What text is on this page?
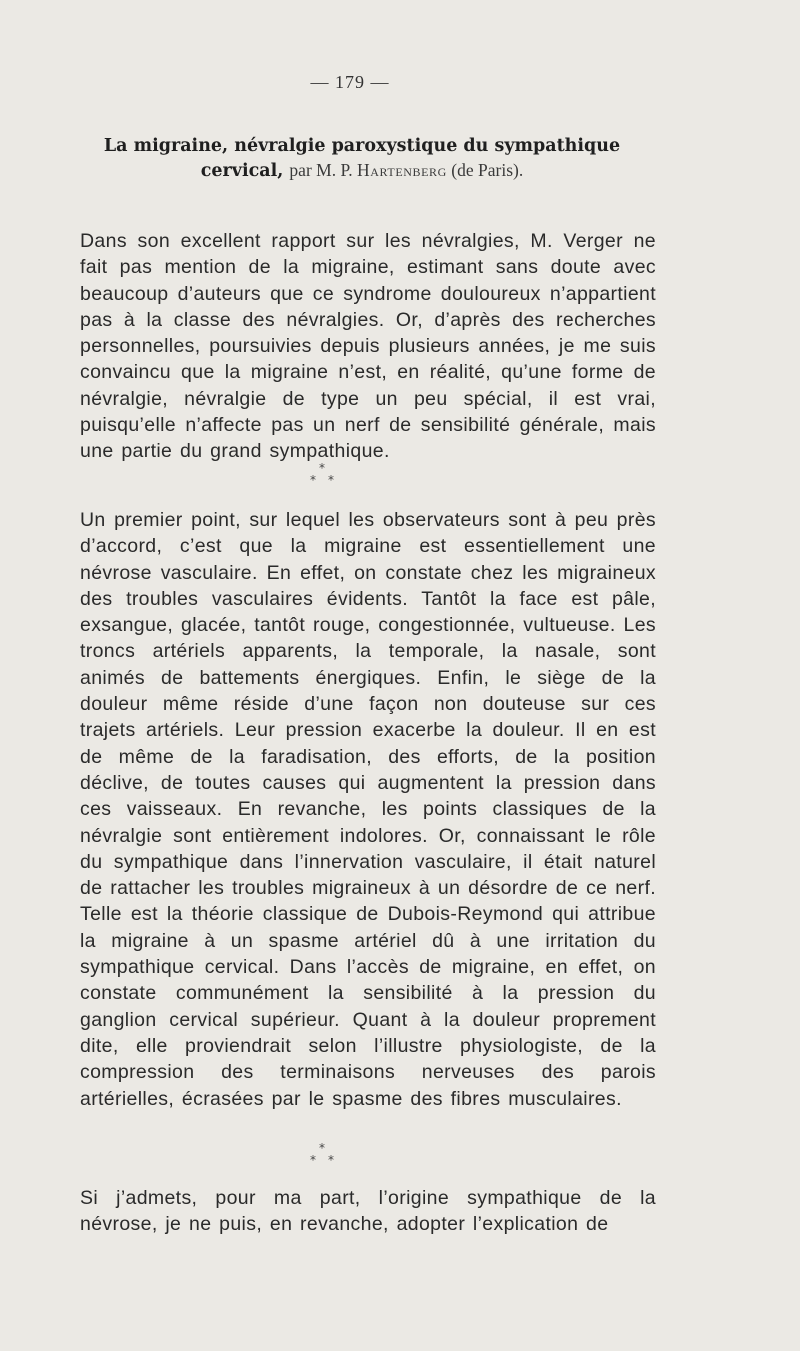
— 179 —
La migraine, névralgie paroxystique du sympathique
cervical, par M. P. Hartenberg (de Paris).

Dans son excellent rapport sur les névralgies, M. Verger ne fait pas mention de la migraine, estimant sans doute avec beaucoup d’auteurs que ce syndrome douloureux n’appartient pas à la classe des névralgies. Or, d’après des recherches personnelles, poursuivies depuis plusieurs années, je me suis convaincu que la migraine n’est, en réalité, qu’une forme de névralgie, névralgie de type un peu spécial, il est vrai, puisqu’elle n’affecte pas un nerf de sensibilité générale, mais une partie du grand sympathique.

*
* *

Un premier point, sur lequel les observateurs sont à peu près d’accord, c’est que la migraine est essentiellement une névrose vasculaire. En effet, on constate chez les migraineux des troubles vasculaires évidents. Tantôt la face est pâle, exsangue, glacée, tantôt rouge, congestionnée, vultueuse. Les troncs artériels apparents, la temporale, la nasale, sont animés de battements énergiques. Enfin, le siège de la douleur même réside d’une façon non douteuse sur ces trajets artériels. Leur pression exacerbe la douleur. Il en est de même de la faradisation, des efforts, de la position déclive, de toutes causes qui augmentent la pression dans ces vaisseaux. En revanche, les points classiques de la névralgie sont entièrement indolores. Or, connaissant le rôle du sympathique dans l’innervation vasculaire, il était naturel de rattacher les troubles migraineux à un désordre de ce nerf. Telle est la théorie classique de Dubois-Reymond qui attribue la migraine à un spasme artériel dû à une irritation du sympathique cervical. Dans l’accès de migraine, en effet, on constate communément la sensibilité à la pression du ganglion cervical supérieur. Quant à la douleur proprement dite, elle proviendrait selon l’illustre physiologiste, de la compression des terminaisons nerveuses des parois artérielles, écrasées par le spasme des fibres musculaires.

*
* *

Si j’admets, pour ma part, l’origine sympathique de la névrose, je ne puis, en revanche, adopter l’explication de
